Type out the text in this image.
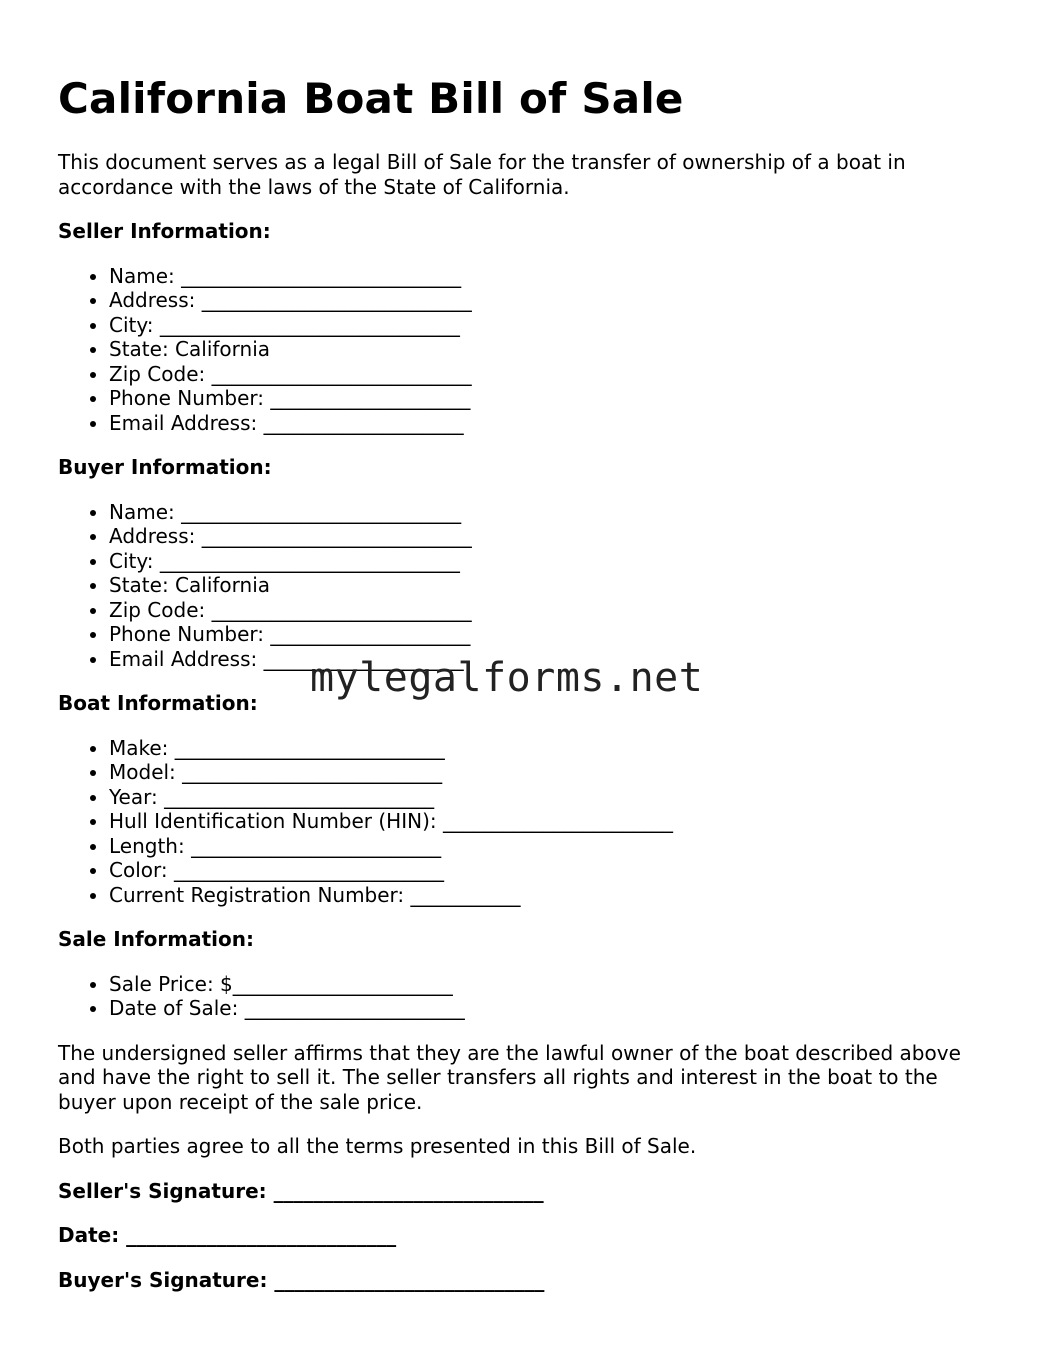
California Boat Bill of Sale

This document serves as a legal Bill of Sale for the transfer of ownership of a boat in accordance with the laws of the State of California.

Seller Information:
• Name: ____________________________
• Address: ___________________________
• City: ______________________________
• State: California
• Zip Code: __________________________
• Phone Number: ____________________
• Email Address: ____________________
Buyer Information:
• Name: ____________________________
• Address: ___________________________
• City: ______________________________
• State: California
• Zip Code: __________________________
• Phone Number: ____________________
• Email Address: ____________________
Boat Information:
• Make: ___________________________
• Model: __________________________
• Year: ___________________________
• Hull Identification Number (HIN): _______________________
• Length: _________________________
• Color: ___________________________
• Current Registration Number: ___________
Sale Information:
• Sale Price: $______________________
• Date of Sale: ______________________

The undersigned seller affirms that they are the lawful owner of the boat described above and have the right to sell it. The seller transfers all rights and interest in the boat to the buyer upon receipt of the sale price.

Both parties agree to all the terms presented in this Bill of Sale.

Seller's Signature: ___________________________
Date: ___________________________
Buyer's Signature: ___________________________
mylegalforms.net
